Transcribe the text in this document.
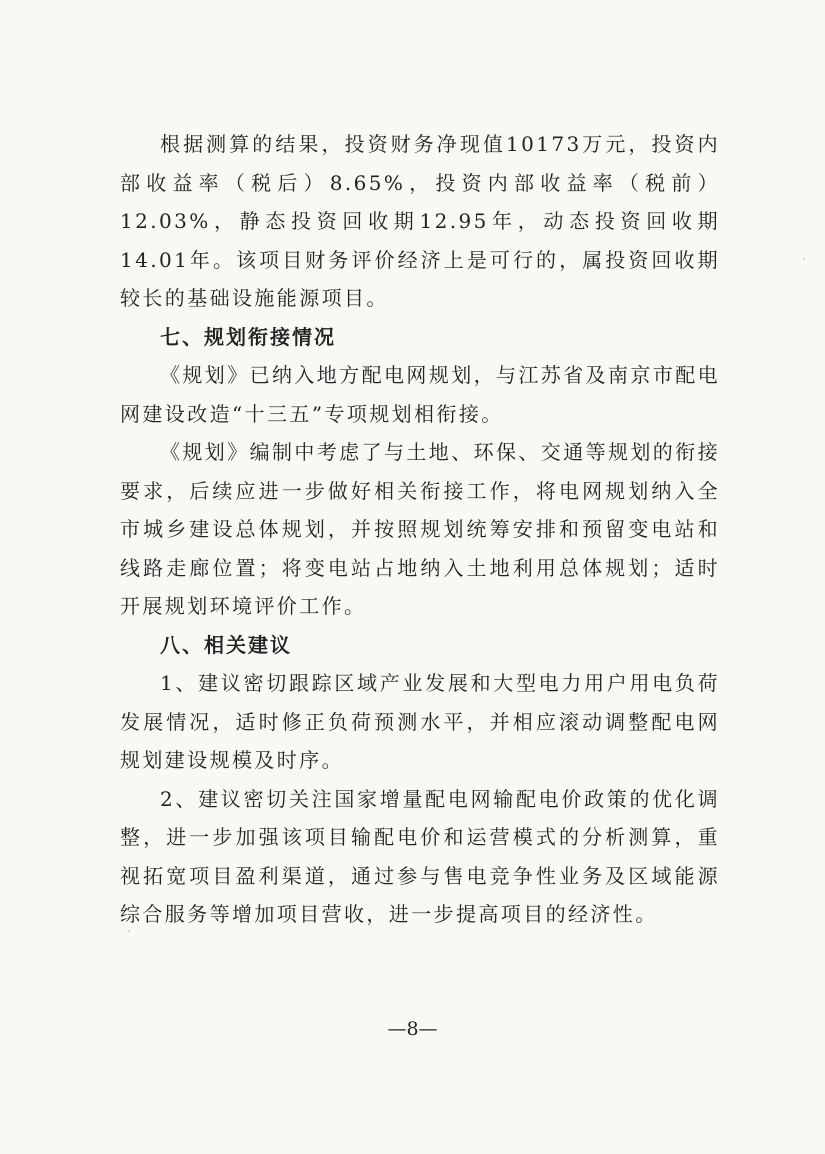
根据测算的结果，投资财务净现值10173万元，投资内部收益率（税后）8.65%，投资内部收益率（税前）12.03%，静态投资回收期12.95年，动态投资回收期14.01年。该项目财务评价经济上是可行的，属投资回收期较长的基础设施能源项目。

七、规划衔接情况

《规划》已纳入地方配电网规划，与江苏省及南京市配电网建设改造“十三五”专项规划相衔接。

《规划》编制中考虑了与土地、环保、交通等规划的衔接要求，后续应进一步做好相关衔接工作，将电网规划纳入全市城乡建设总体规划，并按照规划统筹安排和预留变电站和线路走廊位置；将变电站占地纳入土地利用总体规划；适时开展规划环境评价工作。

八、相关建议

1、建议密切跟踪区域产业发展和大型电力用户用电负荷发展情况，适时修正负荷预测水平，并相应滚动调整配电网规划建设规模及时序。

2、建议密切关注国家增量配电网输配电价政策的优化调整，进一步加强该项目输配电价和运营模式的分析测算，重视拓宽项目盈利渠道，通过参与售电竞争性业务及区域能源综合服务等增加项目营收，进一步提高项目的经济性。

—8—
